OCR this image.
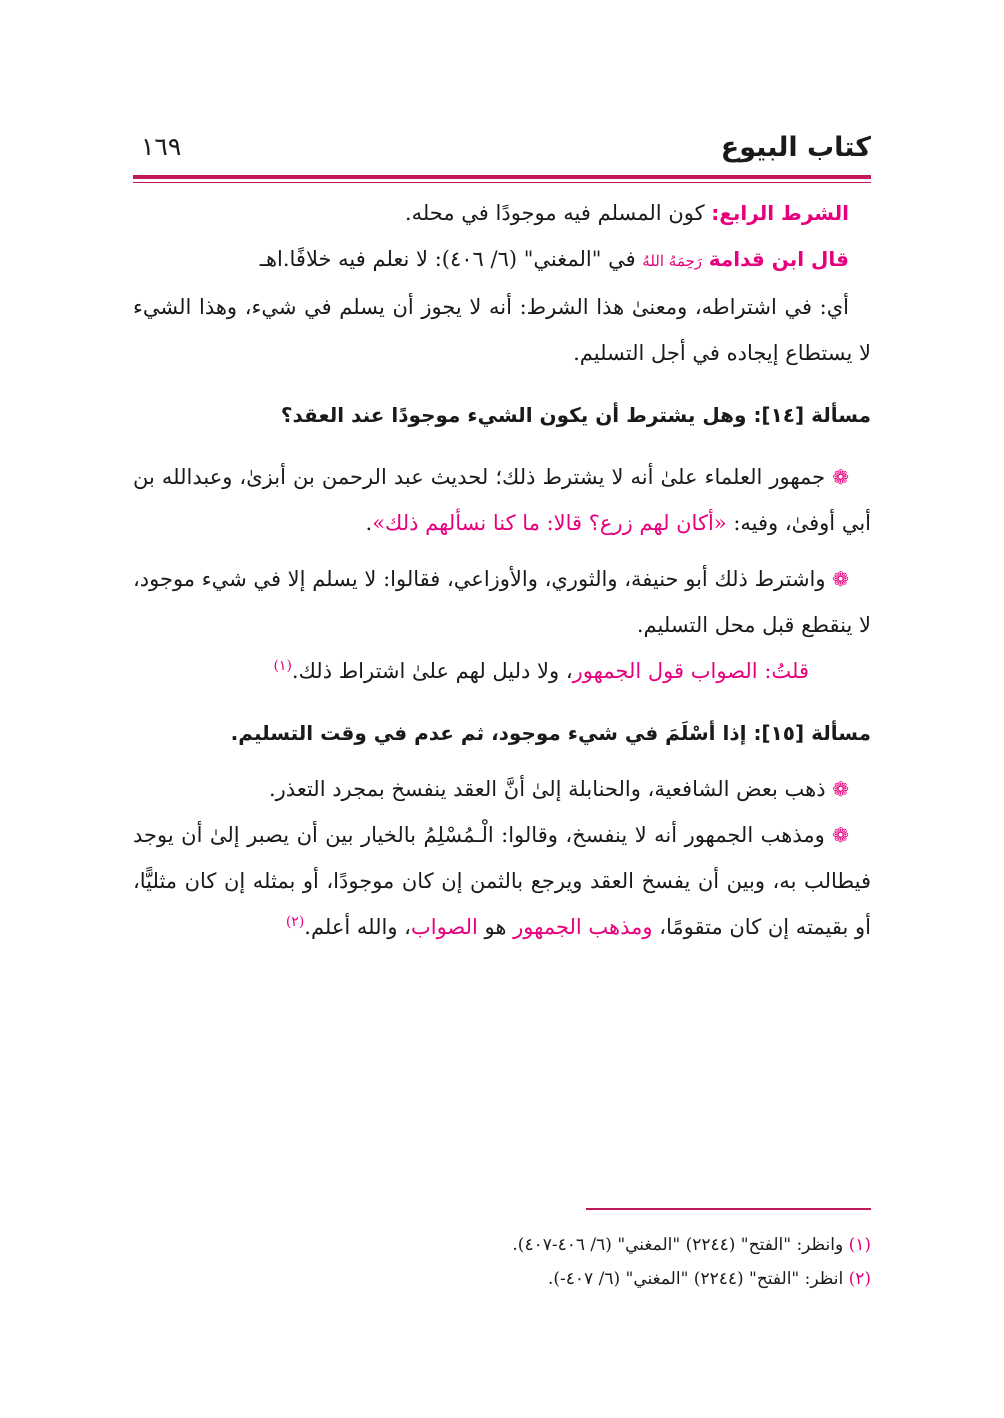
كتاب البيوع
١٦٩

الشرط الرابع: كون المسلم فيه موجودًا في محله.

قال ابن قدامة رَحِمَهُ اللهُ في "المغني" (٦/ ٤٠٦): لا نعلم فيه خلافًا.اهـ

أي: في اشتراطه، ومعنىٰ هذا الشرط: أنه لا يجوز أن يسلم في شيء، وهذا الشيء لا يستطاع إيجاده في أجل التسليم.

مسألة [١٤]: وهل يشترط أن يكون الشيء موجودًا عند العقد؟

❁ جمهور العلماء علىٰ أنه لا يشترط ذلك؛ لحديث عبد الرحمن بن أبزىٰ، وعبدالله بن أبي أوفىٰ، وفيه: «أكان لهم زرع؟ قالا: ما كنا نسألهم ذلك».

❁ واشترط ذلك أبو حنيفة، والثوري، والأوزاعي، فقالوا: لا يسلم إلا في شيء موجود، لا ينقطع قبل محل التسليم.

قلتُ: الصواب قول الجمهور، ولا دليل لهم علىٰ اشتراط ذلك.$^{(١)}$

مسألة [١٥]: إذا أسْلَمَ في شيء موجود، ثم عدم في وقت التسليم.

❁ ذهب بعض الشافعية، والحنابلة إلىٰ أنَّ العقد ينفسخ بمجرد التعذر.

❁ ومذهب الجمهور أنه لا ينفسخ، وقالوا: الْـمُسْلِمُ بالخيار بين أن يصبر إلىٰ أن يوجد فيطالب به، وبين أن يفسخ العقد ويرجع بالثمن إن كان موجودًا، أو بمثله إن كان مثليًّا، أو بقيمته إن كان متقومًا، ومذهب الجمهور هو الصواب، والله أعلم.$^{(٢)}$

(١) وانظر: "الفتح" (٢٢٤٤) "المغني" (٦/ ٤٠٦-٤٠٧).
(٢) انظر: "الفتح" (٢٢٤٤) "المغني" (٦/ ٤٠٧-).
